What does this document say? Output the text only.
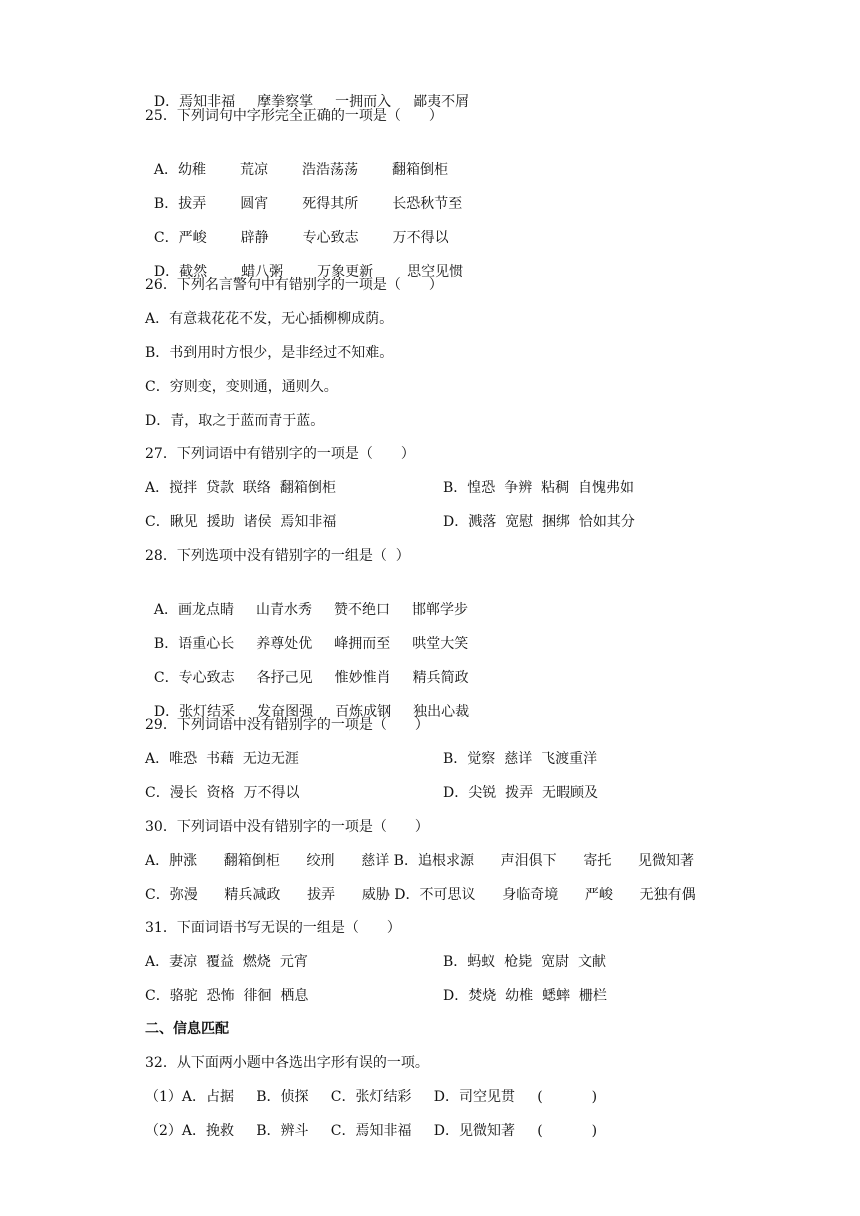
D．焉知非福 摩拳察掌 一拥而入 鄙夷不屑

25．下列词句中字形完全正确的一项是（　　）

A．幼稚 荒凉 浩浩荡荡 翻箱倒柜

B．拔弄 圆宵 死得其所 长恐秋节至

C．严峻 辟静 专心致志 万不得以

D．截然 蜡八粥 万象更新 思空见惯

26．下列名言警句中有错别字的一项是（　　）
A．有意栽花花不发，无心插柳柳成荫。
B．书到用时方恨少，是非经过不知难。
C．穷则变，变则通，通则久。
D．青，取之于蓝而青于蓝。
27．下列词语中有错别字的一项是（　　）
A．搅拌  贷款  联络  翻箱倒柜	B．惶恐  争辨  粘稠  自愧弗如
C．瞅见  援助  诸侯  焉知非福	D．溅落  宽慰  捆绑  恰如其分
28．下列选项中没有错别字的一组是（  ）

A．画龙点睛 山青水秀 赞不绝口 邯郸学步

B．语重心长 养尊处优 峰拥而至 哄堂大笑

C．专心致志 各抒己见 惟妙惟肖 精兵简政

D．张灯结采 发奋图强 百炼成钢 独出心裁

29．下列词语中没有错别字的一项是（　　）
A．唯恐  书藉  无边无涯	B．觉察  慈详  飞渡重洋
C．漫长  资格  万不得以	D．尖锐  拨弄  无暇顾及
30．下列词语中没有错别字的一项是（　　）
A．肿涨      翻箱倒柜      绞刑      慈详 B．追根求源      声泪俱下      寄托      见微知著
C．弥漫      精兵减政      拔弄      威胁 D．不可思议      身临奇境      严峻      无独有偶
31．下面词语书写无误的一组是（　　）
A．妻凉  覆益  燃烧  元宵	B．蚂蚁  枪毙  宽尉  文献
C．骆驼  恐怖  徘徊  栖息	D．焚烧  幼椎  蟋蟀  栅栏
二、信息匹配
32．从下面两小题中各选出字形有误的一项。
（1）A．占据     B．侦探     C．张灯结彩     D．司空见贯     (           )
（2）A．挽救     B．辨斗     C．焉知非福     D．见微知著     (           )
